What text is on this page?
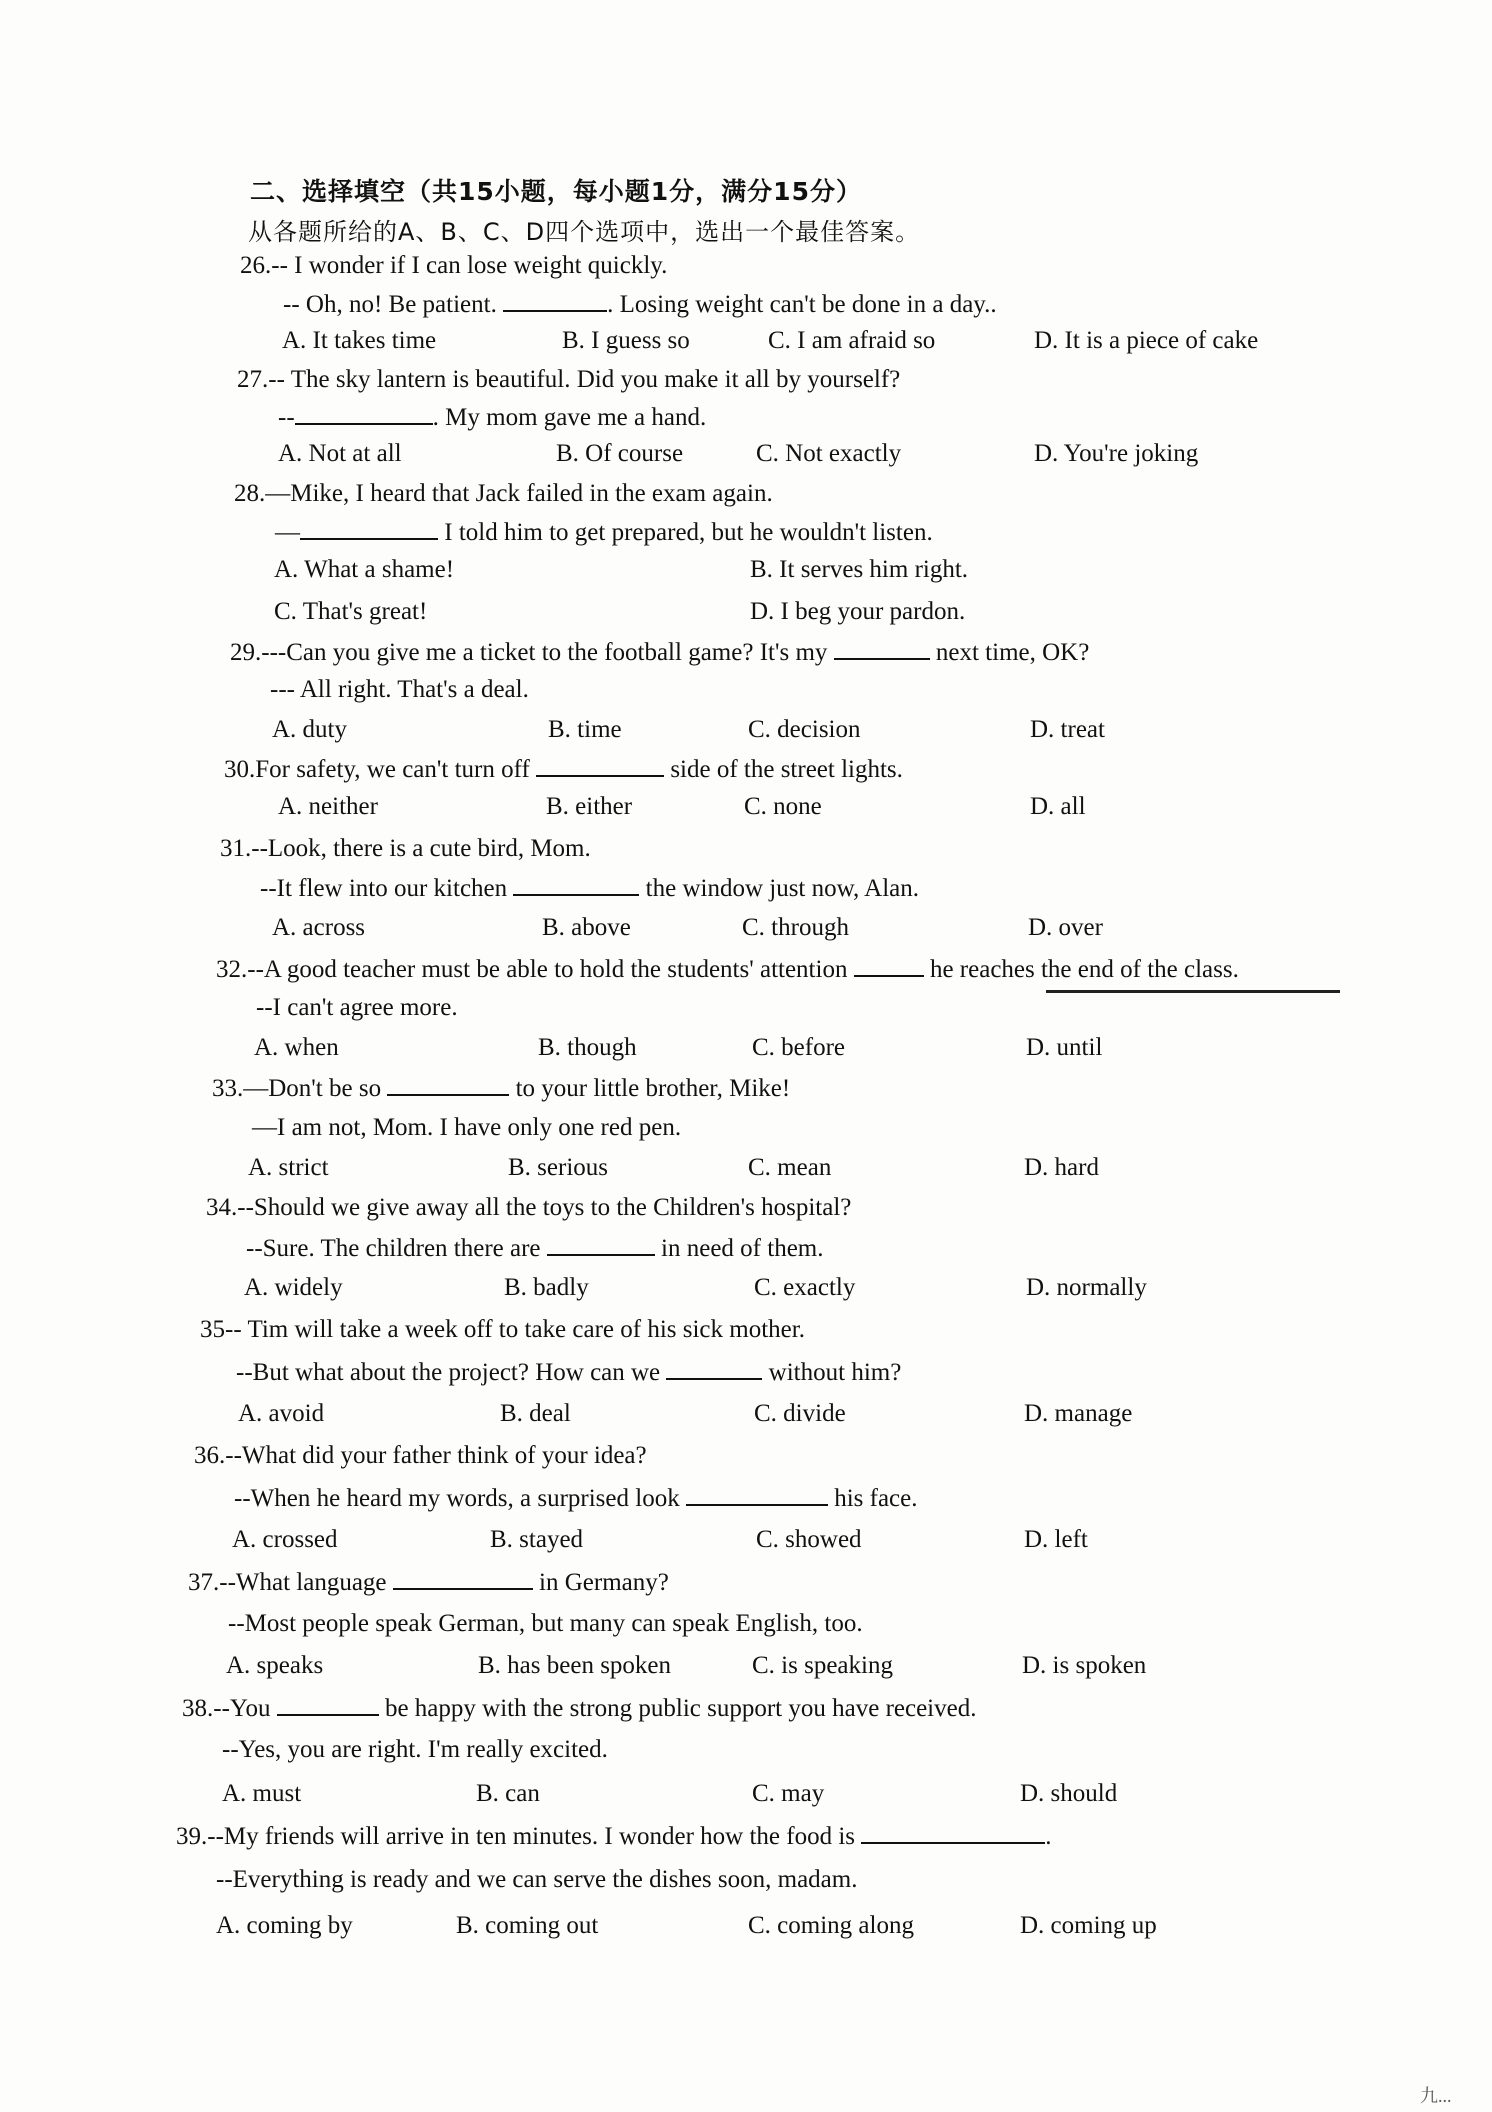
二、选择填空（共15小题，每小题1分，满分15分）
从各题所给的A、B、C、D四个选项中，选出一个最佳答案。
26.-- I wonder if I can lose weight quickly.
-- Oh, no! Be patient.	. Losing weight can't be done in a day..
A. It takes time	B. I guess so	C. I am afraid so	D. It is a piece of cake
27.-- The sky lantern is beautiful. Did you make it all by yourself?
--	. My mom gave me a hand.
A. Not at all	B. Of course	C. Not exactly	D. You're joking
28.—Mike, I heard that Jack failed in the exam again.
—	I told him to get prepared, but he wouldn't listen.
A. What a shame!	B. It serves him right.
C. That's great!	D. I beg your pardon.
29.---Can you give me a ticket to the football game? It's my	next time, OK?
--- All right. That's a deal.
A. duty	B. time	C. decision	D. treat
30.For safety, we can't turn off	side of the street lights.
A. neither	B. either	C. none	D. all
31.--Look, there is a cute bird, Mom.
--It flew into our kitchen	the window just now, Alan.
A. across	B. above	C. through	D. over
32.--A good teacher must be able to hold the students' attention	he reaches the end of the class.
--I can't agree more.
A. when	B. though	C. before	D. until
33.—Don't be so	to your little brother, Mike!
—I am not, Mom. I have only one red pen.
A. strict	B. serious	C. mean	D. hard
34.--Should we give away all the toys to the Children's hospital?
--Sure. The children there are	in need of them.
A. widely	B. badly	C. exactly	D. normally
35-- Tim will take a week off to take care of his sick mother.
--But what about the project? How can we	without him?
A. avoid	B. deal	C. divide	D. manage
36.--What did your father think of your idea?
--When he heard my words, a surprised look	his face.
A. crossed	B. stayed	C. showed	D. left
37.--What language	in Germany?
--Most people speak German, but many can speak English, too.
A. speaks	B. has been spoken	C. is speaking	D. is spoken
38.--You	be happy with the strong public support you have received.
--Yes, you are right. I'm really excited.
A. must	B. can	C. may	D. should
39.--My friends will arrive in ten minutes. I wonder how the food is	.
--Everything is ready and we can serve the dishes soon, madam.
A. coming by	B. coming out	C. coming along	D. coming up
九...
